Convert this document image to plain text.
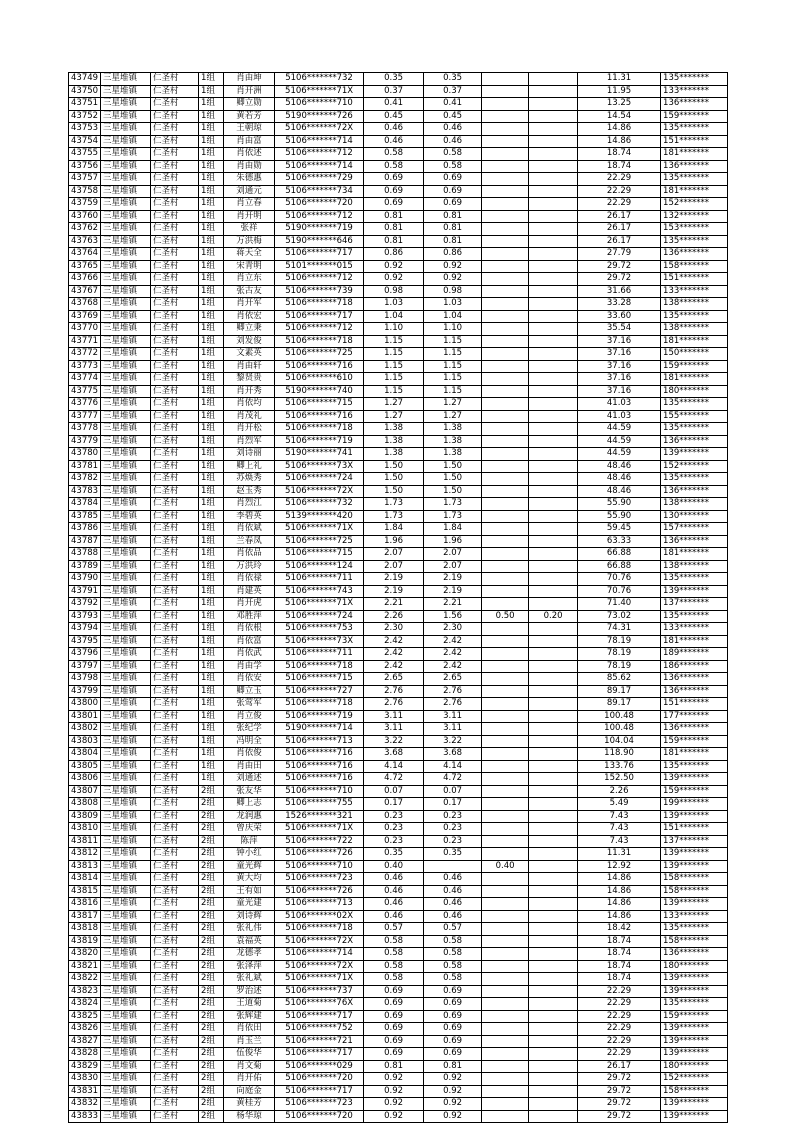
43749	三星堆镇	仁圣村	1组	肖由坤	5106*******732	0.35	0.35			11.31	135*******
43750	三星堆镇	仁圣村	1组	肖开洲	5106*******71X	0.37	0.37			11.95	133*******
43751	三星堆镇	仁圣村	1组	卿立勋	5106*******710	0.41	0.41			13.25	136*******
43752	三星堆镇	仁圣村	1组	黄若芳	5190*******726	0.45	0.45			14.54	159*******
43753	三星堆镇	仁圣村	1组	王朝琼	5106*******72X	0.46	0.46			14.86	135*******
43754	三星堆镇	仁圣村	1组	肖由富	5106*******714	0.46	0.46			14.86	151*******
43755	三星堆镇	仁圣村	1组	肖依述	5106*******712	0.58	0.58			18.74	181*******
43756	三星堆镇	仁圣村	1组	肖由勋	5106*******714	0.58	0.58			18.74	136*******
43757	三星堆镇	仁圣村	1组	朱德惠	5106*******729	0.69	0.69			22.29	135*******
43758	三星堆镇	仁圣村	1组	刘通元	5106*******734	0.69	0.69			22.29	181*******
43759	三星堆镇	仁圣村	1组	肖立春	5106*******720	0.69	0.69			22.29	152*******
43760	三星堆镇	仁圣村	1组	肖开明	5106*******712	0.81	0.81			26.17	132*******
43762	三星堆镇	仁圣村	1组	张祥	5190*******719	0.81	0.81			26.17	153*******
43763	三星堆镇	仁圣村	1组	万洪梅	5190*******646	0.81	0.81			26.17	135*******
43764	三星堆镇	仁圣村	1组	蒋天全	5106*******717	0.86	0.86			27.79	136*******
43765	三星堆镇	仁圣村	1组	宋青明	5101*******015	0.92	0.92			29.72	158*******
43766	三星堆镇	仁圣村	1组	肖立东	5106*******712	0.92	0.92			29.72	151*******
43767	三星堆镇	仁圣村	1组	张古友	5106*******739	0.98	0.98			31.66	133*******
43768	三星堆镇	仁圣村	1组	肖开军	5106*******718	1.03	1.03			33.28	138*******
43769	三星堆镇	仁圣村	1组	肖依宏	5106*******717	1.04	1.04			33.60	135*******
43770	三星堆镇	仁圣村	1组	卿立秉	5106*******712	1.10	1.10			35.54	138*******
43771	三星堆镇	仁圣村	1组	刘发俊	5106*******718	1.15	1.15			37.16	181*******
43772	三星堆镇	仁圣村	1组	文素英	5106*******725	1.15	1.15			37.16	150*******
43773	三星堆镇	仁圣村	1组	肖由轩	5106*******716	1.15	1.15			37.16	159*******
43774	三星堆镇	仁圣村	1组	黎贤贵	5106*******610	1.15	1.15			37.16	181*******
43775	三星堆镇	仁圣村	1组	肖开秀	5190*******740	1.15	1.15			37.16	180*******
43776	三星堆镇	仁圣村	1组	肖依均	5106*******715	1.27	1.27			41.03	135*******
43777	三星堆镇	仁圣村	1组	肖茂礼	5106*******716	1.27	1.27			41.03	155*******
43778	三星堆镇	仁圣村	1组	肖开松	5106*******718	1.38	1.38			44.59	135*******
43779	三星堆镇	仁圣村	1组	肖烈军	5106*******719	1.38	1.38			44.59	136*******
43780	三星堆镇	仁圣村	1组	刘诗丽	5190*******741	1.38	1.38			44.59	139*******
43781	三星堆镇	仁圣村	1组	卿上礼	5106*******73X	1.50	1.50			48.46	152*******
43782	三星堆镇	仁圣村	1组	苏焕秀	5106*******724	1.50	1.50			48.46	135*******
43783	三星堆镇	仁圣村	1组	赵玉秀	5106*******72X	1.50	1.50			48.46	136*******
43784	三星堆镇	仁圣村	1组	肖烈江	5106*******732	1.73	1.73			55.90	138*******
43785	三星堆镇	仁圣村	1组	李碧英	5139*******420	1.73	1.73			55.90	130*******
43786	三星堆镇	仁圣村	1组	肖依斌	5106*******71X	1.84	1.84			59.45	157*******
43787	三星堆镇	仁圣村	1组	兰春凤	5106*******725	1.96	1.96			63.33	136*******
43788	三星堆镇	仁圣村	1组	肖依品	5106*******715	2.07	2.07			66.88	181*******
43789	三星堆镇	仁圣村	1组	万洪玲	5106*******124	2.07	2.07			66.88	138*******
43790	三星堆镇	仁圣村	1组	肖依禄	5106*******711	2.19	2.19			70.76	135*******
43791	三星堆镇	仁圣村	1组	肖建英	5106*******743	2.19	2.19			70.76	139*******
43792	三星堆镇	仁圣村	1组	肖开虎	5106*******71X	2.21	2.21			71.40	137*******
43793	三星堆镇	仁圣村	1组	邓胜萍	5106*******724	2.26	1.56	0.50	0.20	73.02	135*******
43794	三星堆镇	仁圣村	1组	肖依根	5106*******753	2.30	2.30			74.31	133*******
43795	三星堆镇	仁圣村	1组	肖依富	5106*******73X	2.42	2.42			78.19	181*******
43796	三星堆镇	仁圣村	1组	肖依武	5106*******711	2.42	2.42			78.19	189*******
43797	三星堆镇	仁圣村	1组	肖由学	5106*******718	2.42	2.42			78.19	186*******
43798	三星堆镇	仁圣村	1组	肖依安	5106*******715	2.65	2.65			85.62	136*******
43799	三星堆镇	仁圣村	1组	卿立玉	5106*******727	2.76	2.76			89.17	136*******
43800	三星堆镇	仁圣村	1组	张莺军	5106*******718	2.76	2.76			89.17	151*******
43801	三星堆镇	仁圣村	1组	肖立俊	5106*******719	3.11	3.11			100.48	177*******
43802	三星堆镇	仁圣村	1组	张纪学	5190*******714	3.11	3.11			100.48	136*******
43803	三星堆镇	仁圣村	1组	冯明全	5106*******713	3.22	3.22			104.04	159*******
43804	三星堆镇	仁圣村	1组	肖依俊	5106*******716	3.68	3.68			118.90	181*******
43805	三星堆镇	仁圣村	1组	肖由田	5106*******716	4.14	4.14			133.76	135*******
43806	三星堆镇	仁圣村	1组	刘通述	5106*******716	4.72	4.72			152.50	139*******
43807	三星堆镇	仁圣村	2组	张友华	5106*******710	0.07	0.07			2.26	159*******
43808	三星堆镇	仁圣村	2组	卿上志	5106*******755	0.17	0.17			5.49	199*******
43809	三星堆镇	仁圣村	2组	龙润惠	1526*******321	0.23	0.23			7.43	139*******
43810	三星堆镇	仁圣村	2组	曾庆荣	5106*******71X	0.23	0.23			7.43	151*******
43811	三星堆镇	仁圣村	2组	陈萍	5106*******722	0.23	0.23			7.43	137*******
43812	三星堆镇	仁圣村	2组	钟小红	5106*******726	0.35	0.35			11.31	139*******
43813	三星堆镇	仁圣村	2组	童光辉	5106*******710	0.40		0.40		12.92	139*******
43814	三星堆镇	仁圣村	2组	黄大均	5106*******723	0.46	0.46			14.86	158*******
43815	三星堆镇	仁圣村	2组	王有如	5106*******726	0.46	0.46			14.86	158*******
43816	三星堆镇	仁圣村	2组	童光建	5106*******713	0.46	0.46			14.86	139*******
43817	三星堆镇	仁圣村	2组	刘诗辉	5106*******02X	0.46	0.46			14.86	133*******
43818	三星堆镇	仁圣村	2组	张礼伟	5106*******718	0.57	0.57			18.42	135*******
43819	三星堆镇	仁圣村	2组	袁福英	5106*******72X	0.58	0.58			18.74	158*******
43820	三星堆镇	仁圣村	2组	龙德孝	5106*******714	0.58	0.58			18.74	136*******
43821	三星堆镇	仁圣村	2组	张泽萍	5106*******72X	0.58	0.58			18.74	180*******
43822	三星堆镇	仁圣村	2组	张礼斌	5106*******71X	0.58	0.58			18.74	139*******
43823	三星堆镇	仁圣村	2组	罗治述	5106*******737	0.69	0.69			22.29	139*******
43824	三星堆镇	仁圣村	2组	王道菊	5106*******76X	0.69	0.69			22.29	135*******
43825	三星堆镇	仁圣村	2组	张辉建	5106*******717	0.69	0.69			22.29	159*******
43826	三星堆镇	仁圣村	2组	肖依田	5106*******752	0.69	0.69			22.29	139*******
43827	三星堆镇	仁圣村	2组	肖玉兰	5106*******721	0.69	0.69			22.29	139*******
43828	三星堆镇	仁圣村	2组	伍俊华	5106*******717	0.69	0.69			22.29	139*******
43829	三星堆镇	仁圣村	2组	肖文菊	5106*******029	0.81	0.81			26.17	180*******
43830	三星堆镇	仁圣村	2组	肖开佑	5106*******720	0.92	0.92			29.72	152*******
43831	三星堆镇	仁圣村	2组	向庭金	5106*******717	0.92	0.92			29.72	158*******
43832	三星堆镇	仁圣村	2组	黄桂芳	5106*******723	0.92	0.92			29.72	139*******
43833	三星堆镇	仁圣村	2组	杨华琼	5106*******720	0.92	0.92			29.72	139*******
